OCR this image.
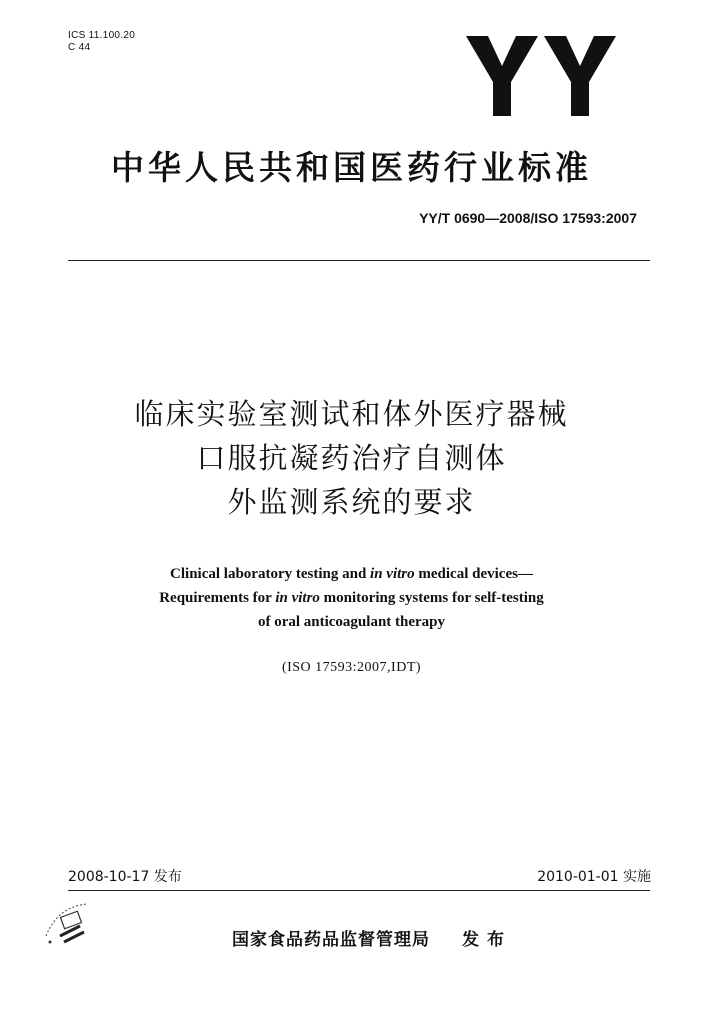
ICS 11.100.20
C 44
中华人民共和国医药行业标准
YY/T 0690—2008/ISO 17593:2007
临床实验室测试和体外医疗器械
口服抗凝药治疗自测体
外监测系统的要求
Clinical laboratory testing and in vitro medical devices—
Requirements for in vitro monitoring systems for self-testing
of oral anticoagulant therapy
(ISO 17593:2007,IDT)
2008-10-17 发布	2010-01-01 实施
国家食品药品监督管理局 发布
